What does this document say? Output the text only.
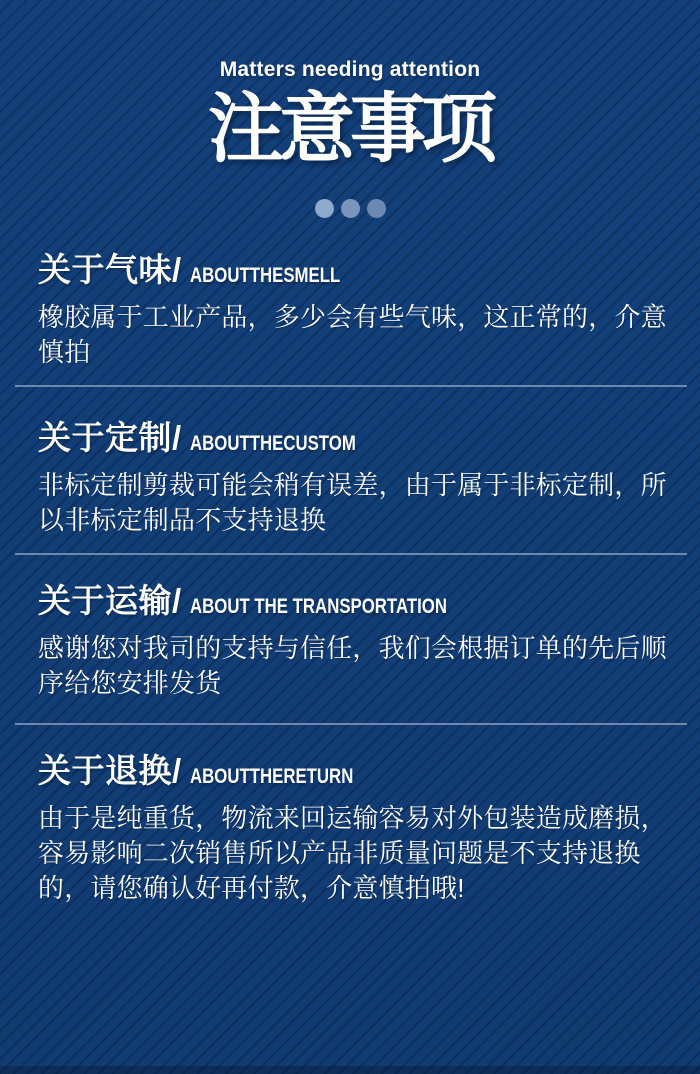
Matters needing attention
注意事项
关于气味/ ABOUTTHESMELL

橡胶属于工业产品，多少会有些气味，这正常的，介意慎拍

关于定制/ ABOUTTHECUSTOM

非标定制剪裁可能会稍有误差，由于属于非标定制，所以非标定制品不支持退换

关于运输/ ABOUT THE TRANSPORTATION

感谢您对我司的支持与信任，我们会根据订单的先后顺序给您安排发货

关于退换/ ABOUTTHERETURN

由于是纯重货，物流来回运输容易对外包装造成磨损，容易影响二次销售所以产品非质量问题是不支持退换的，请您确认好再付款，介意慎拍哦!
